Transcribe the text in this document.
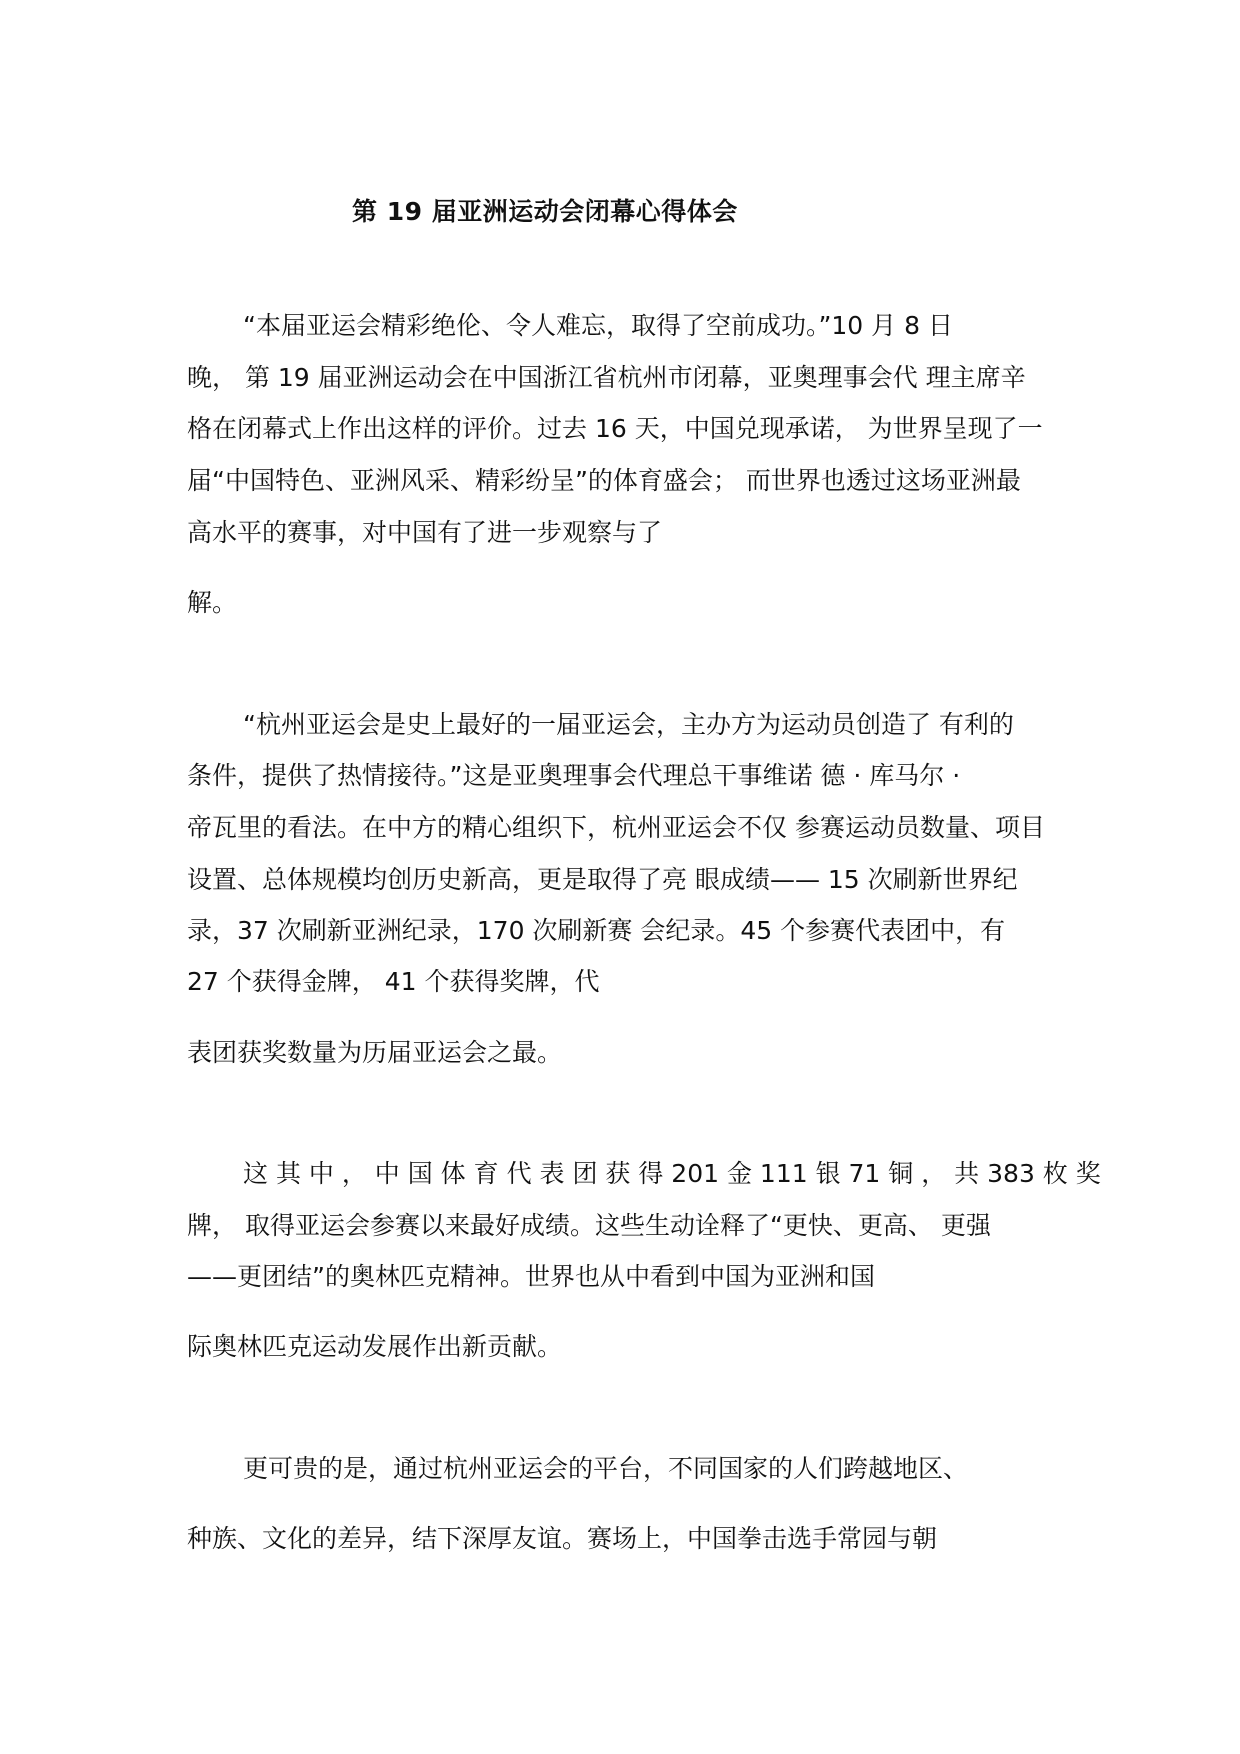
第 19 届亚洲运动会闭幕心得体会
“本届亚运会精彩绝伦、令人难忘，取得了空前成功。”10 月 8 日
晚， 第 19 届亚洲运动会在中国浙江省杭州市闭幕，亚奥理事会代 理主席辛
格在闭幕式上作出这样的评价。过去 16 天，中国兑现承诺， 为世界呈现了一
届“中国特色、亚洲风采、精彩纷呈”的体育盛会； 而世界也透过这场亚洲最
高水平的赛事，对中国有了进一步观察与了
解。
“杭州亚运会是史上最好的一届亚运会，主办方为运动员创造了 有利的
条件，提供了热情接待。”这是亚奥理事会代理总干事维诺 德 · 库马尔 ·
帝瓦里的看法。在中方的精心组织下，杭州亚运会不仅 参赛运动员数量、项目
设置、总体规模均创历史新高，更是取得了亮 眼成绩—— 15 次刷新世界纪
录，37 次刷新亚洲纪录，170 次刷新赛 会纪录。45 个参赛代表团中，有
27 个获得金牌， 41 个获得奖牌，代
表团获奖数量为历届亚运会之最。
这 其 中 ， 中 国 体 育 代 表 团 获 得 201 金 111 银 71 铜 ， 共 383 枚 奖
牌， 取得亚运会参赛以来最好成绩。这些生动诠释了“更快、更高、 更强
——更团结”的奥林匹克精神。世界也从中看到中国为亚洲和国
际奥林匹克运动发展作出新贡献。
更可贵的是，通过杭州亚运会的平台，不同国家的人们跨越地区、
种族、文化的差异，结下深厚友谊。赛场上，中国拳击选手常园与朝
